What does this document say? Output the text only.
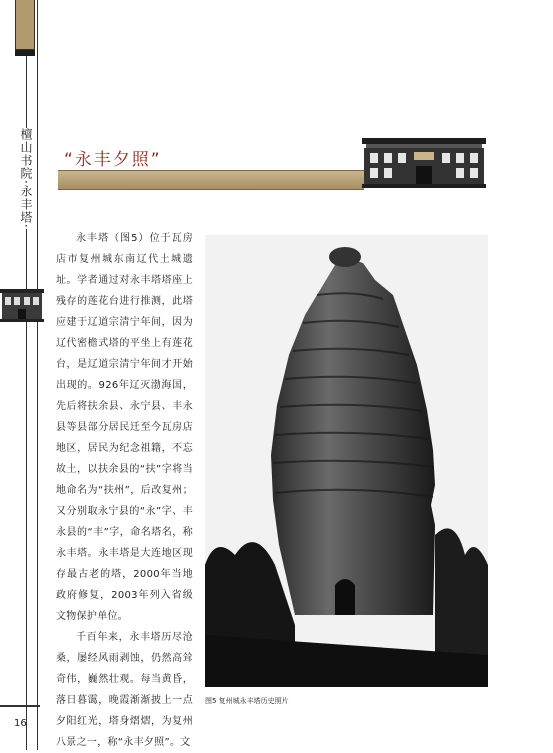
檀山书院·永丰塔·
16
“永丰夕照”

永丰塔（图5）位于瓦房店市复州城东南辽代土城遗址。学者通过对永丰塔塔座上残存的莲花台进行推测，此塔应建于辽道宗清宁年间，因为辽代密檐式塔的平坐上有莲花台，是辽道宗清宁年间才开始出现的。926年辽灭渤海国，先后将扶余县、永宁县、丰永县等县部分居民迁至今瓦房店地区，居民为纪念祖籍，不忘故土，以扶余县的“扶”字将当地命名为“扶州”，后改复州；又分别取永宁县的“永”字、丰永县的“丰”字，命名塔名，称永丰塔。永丰塔是大连地区现存最古老的塔，2000年当地政府修复，2003年列入省级文物保护单位。

千百年来，永丰塔历尽沧桑，屡经风雨剥蚀，仍然高耸奇伟，巍然壮观。每当黄昏，落日暮霭，晚霞渐渐披上一点夕阳红光，塔身熠熠，为复州八景之一，称“永丰夕照”。文

图5 复州城永丰塔历史照片
